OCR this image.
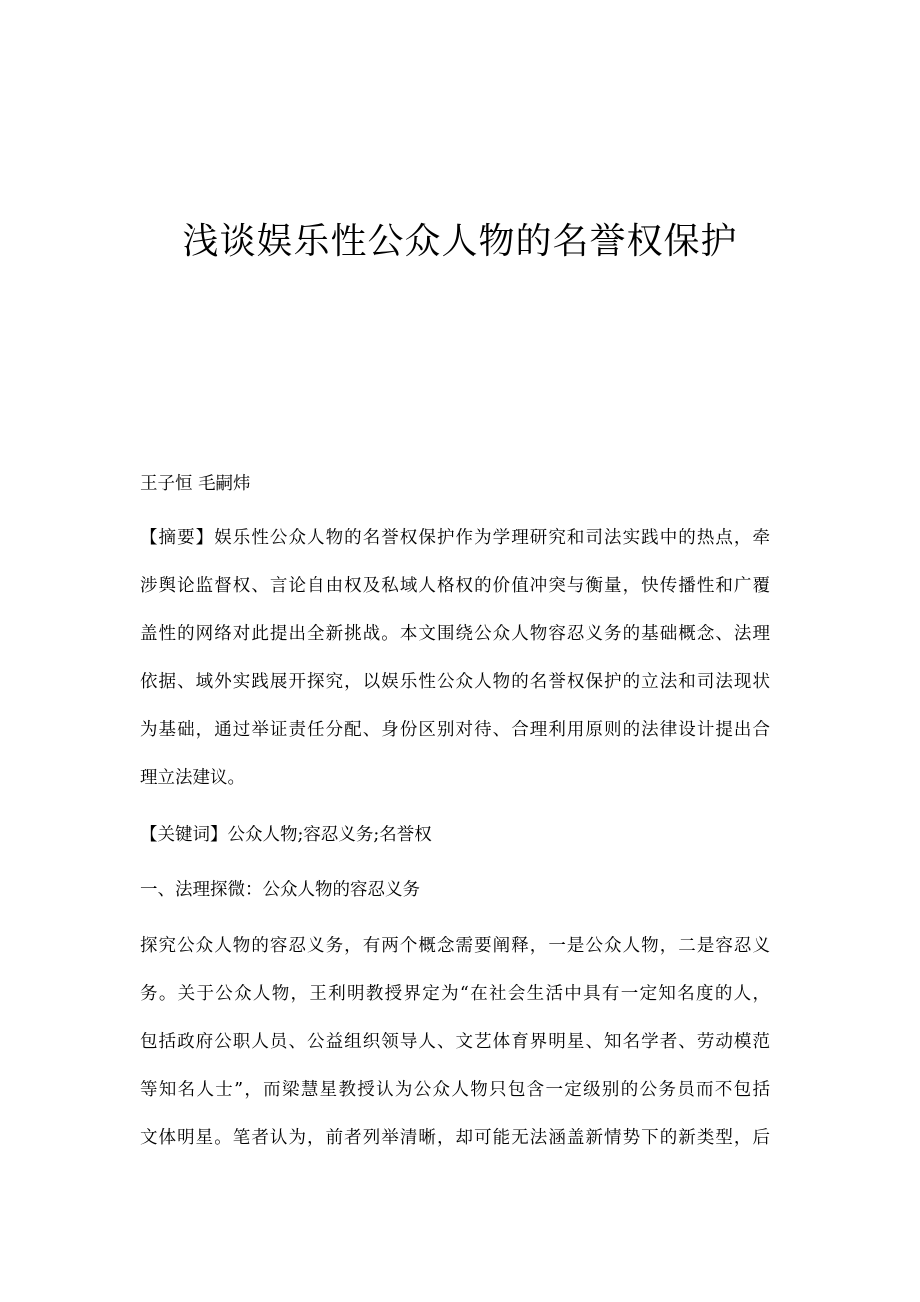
浅谈娱乐性公众人物的名誉权保护

王子恒 毛嗣炜

【摘要】娱乐性公众人物的名誉权保护作为学理研究和司法实践中的热点，牵
涉舆论监督权、言论自由权及私域人格权的价值冲突与衡量，快传播性和广覆
盖性的网络对此提出全新挑战。本文围绕公众人物容忍义务的基础概念、法理
依据、域外实践展开探究，以娱乐性公众人物的名誉权保护的立法和司法现状
为基础，通过举证责任分配、身份区别对待、合理利用原则的法律设计提出合
理立法建议。

【关键词】公众人物;容忍义务;名誉权

一、法理探微：公众人物的容忍义务

探究公众人物的容忍义务，有两个概念需要阐释，一是公众人物，二是容忍义
务。关于公众人物，王利明教授界定为“在社会生活中具有一定知名度的人，
包括政府公职人员、公益组织领导人、文艺体育界明星、知名学者、劳动模范
等知名人士”，而梁慧星教授认为公众人物只包含一定级别的公务员而不包括
文体明星。笔者认为，前者列举清晰，却可能无法涵盖新情势下的新类型，后
